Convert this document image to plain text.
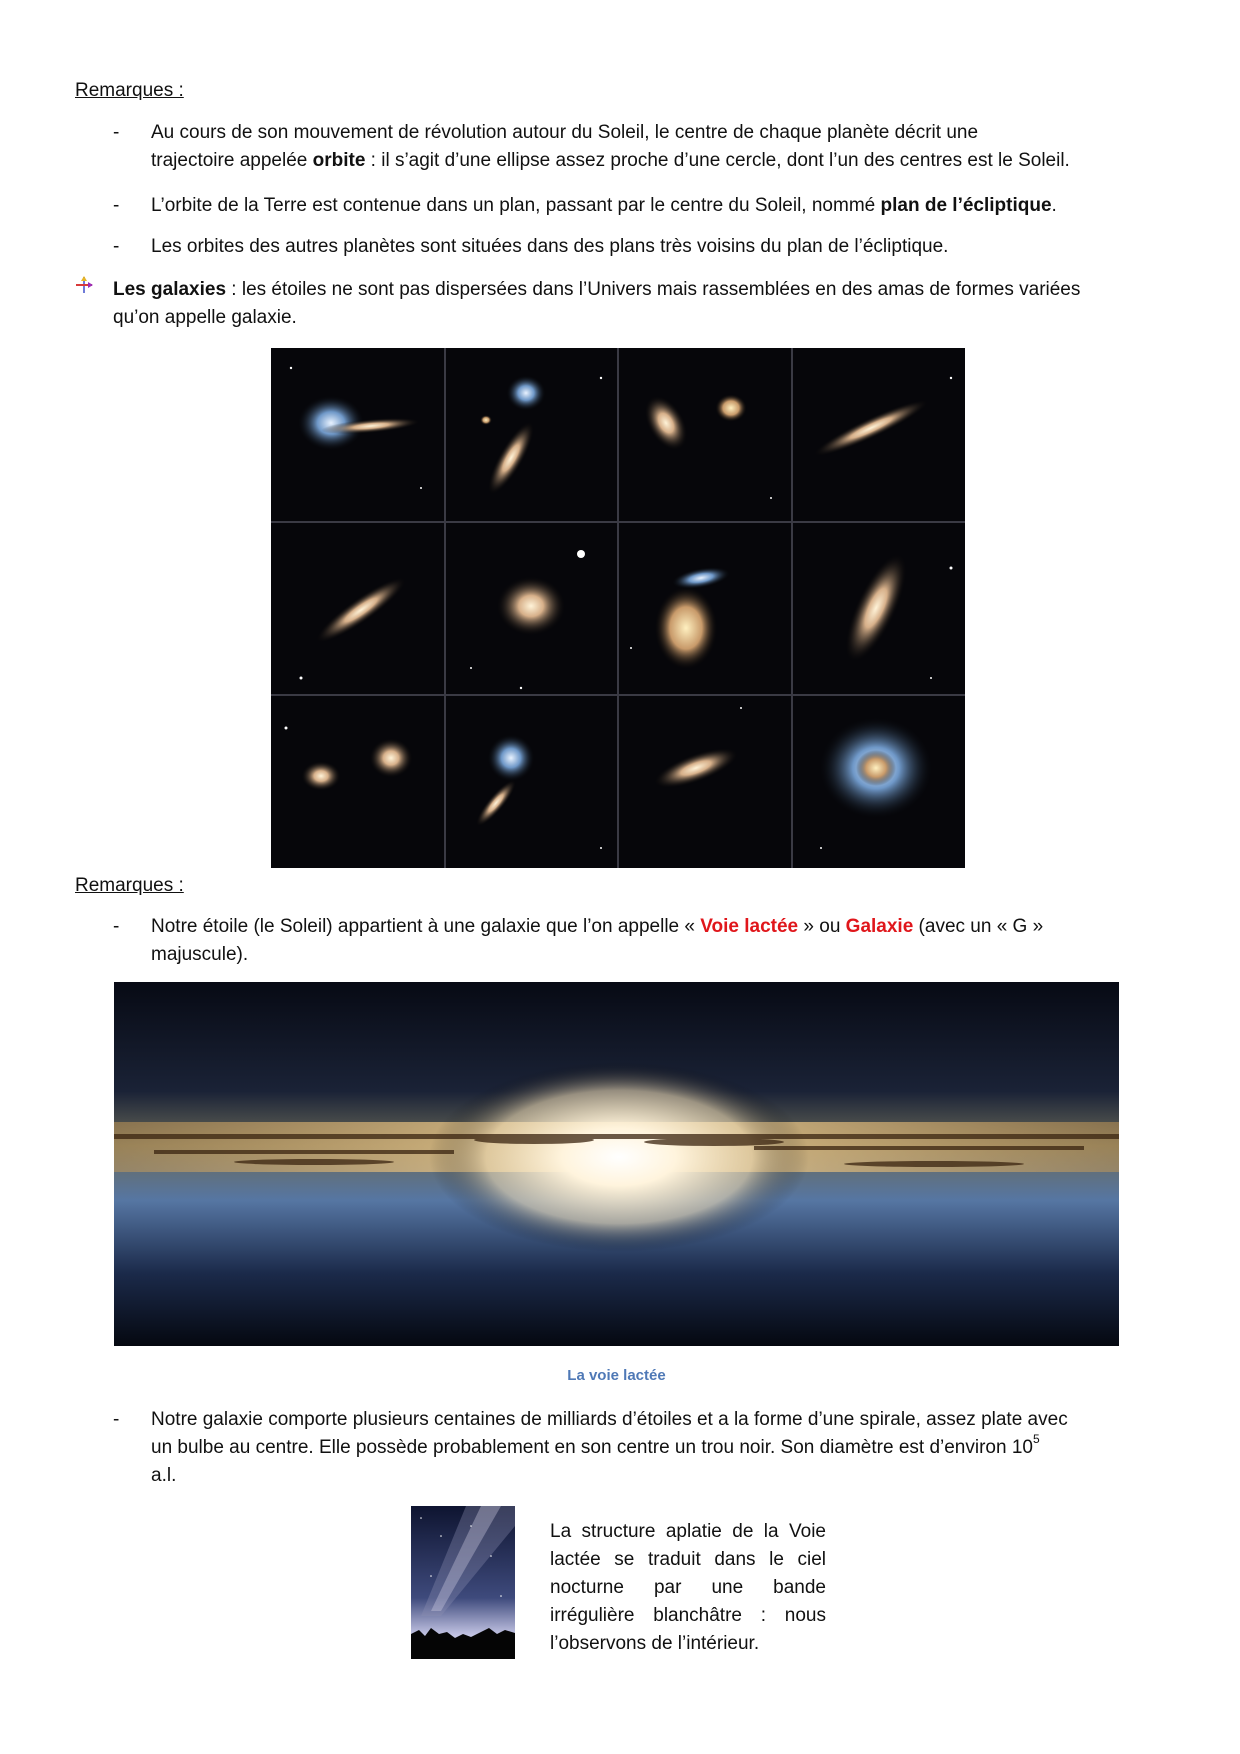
Remarques :
- Au cours de son mouvement de révolution autour du Soleil, le centre de chaque planète décrit une
trajectoire appelée orbite : il s’agit d’une ellipse assez proche d’une cercle, dont l’un des centres est le Soleil.
- L’orbite de la Terre est contenue dans un plan, passant par le centre du Soleil, nommé plan de l’écliptique.
- Les orbites des autres planètes sont situées dans des plans très voisins du plan de l’écliptique.
Les galaxies : les étoiles ne sont pas dispersées dans l’Univers mais rassemblées en des amas de formes variées
qu’on appelle galaxie.
Remarques :
- Notre étoile (le Soleil) appartient à une galaxie que l’on appelle « Voie lactée » ou Galaxie (avec un « G »
majuscule).
La voie lactée
- Notre galaxie comporte plusieurs centaines de milliards d’étoiles et a la forme d’une spirale, assez plate avec
un bulbe au centre. Elle possède probablement en son centre un trou noir. Son diamètre est d’environ $10^5$
a.l.
La structure aplatie de la Voie
lactée se traduit dans le ciel
nocturne par une bande
irrégulière blanchâtre : nous
l’observons de l’intérieur.
